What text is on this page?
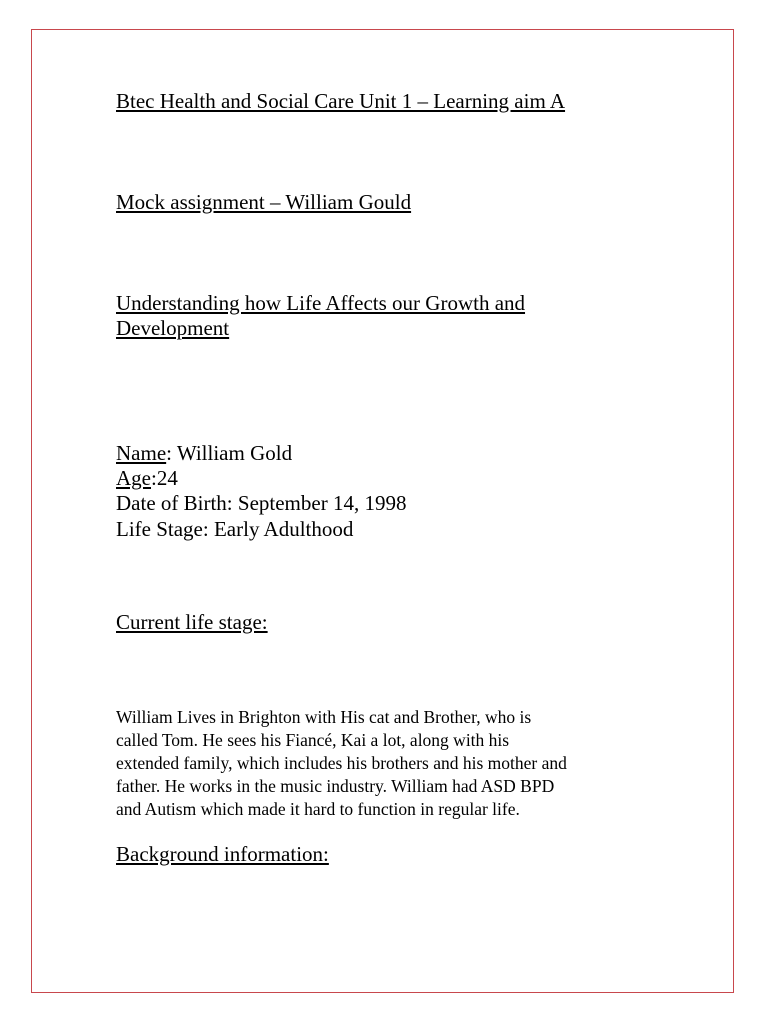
Btec Health and Social Care Unit 1 – Learning aim A

Mock assignment – William Gould

Understanding how Life Affects our Growth and

Development

Name: William Gold

Age:24

Date of Birth: September 14, 1998

Life Stage: Early Adulthood

Current life stage:

William Lives in Brighton with His cat and Brother, who is
called Tom. He sees his Fiancé, Kai a lot, along with his
extended family, which includes his brothers and his mother and
father. He works in the music industry. William had ASD BPD
and Autism which made it hard to function in regular life.

Background information:
